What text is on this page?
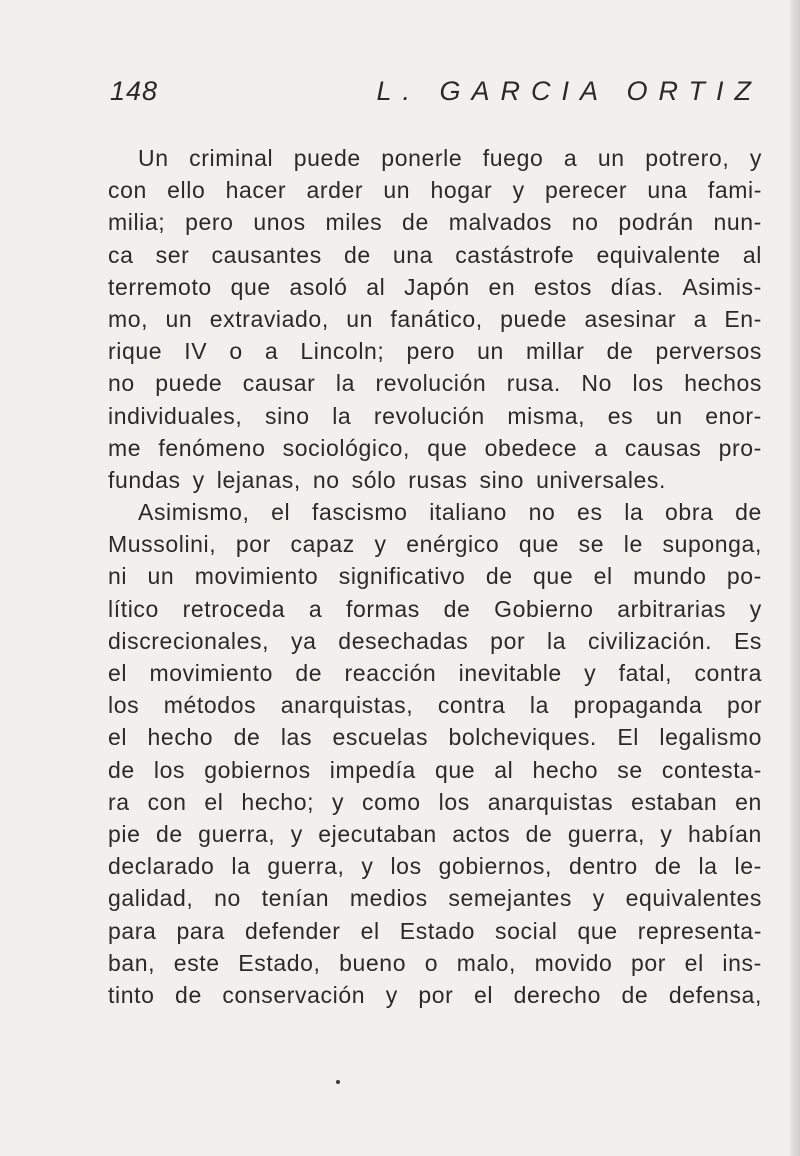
148	L. GARCIA ORTIZ
Un criminal puede ponerle fuego a un potrero, y
con ello hacer arder un hogar y perecer una fami-
milia; pero unos miles de malvados no podrán nun-
ca ser causantes de una castástrofe equivalente al
terremoto que asoló al Japón en estos días. Asimis-
mo, un extraviado, un fanático, puede asesinar a En-
rique IV o a Lincoln; pero un millar de perversos
no puede causar la revolución rusa. No los hechos
individuales, sino la revolución misma, es un enor-
me fenómeno sociológico, que obedece a causas pro-
fundas y lejanas, no sólo rusas sino universales.
Asimismo, el fascismo italiano no es la obra de
Mussolini, por capaz y enérgico que se le suponga,
ni un movimiento significativo de que el mundo po-
lítico retroceda a formas de Gobierno arbitrarias y
discrecionales, ya desechadas por la civilización. Es
el movimiento de reacción inevitable y fatal, contra
los métodos anarquistas, contra la propaganda por
el hecho de las escuelas bolcheviques. El legalismo
de los gobiernos impedía que al hecho se contesta-
ra con el hecho; y como los anarquistas estaban en
pie de guerra, y ejecutaban actos de guerra, y habían
declarado la guerra, y los gobiernos, dentro de la le-
galidad, no tenían medios semejantes y equivalentes
para para defender el Estado social que representa-
ban, este Estado, bueno o malo, movido por el ins-
tinto de conservación y por el derecho de defensa,
